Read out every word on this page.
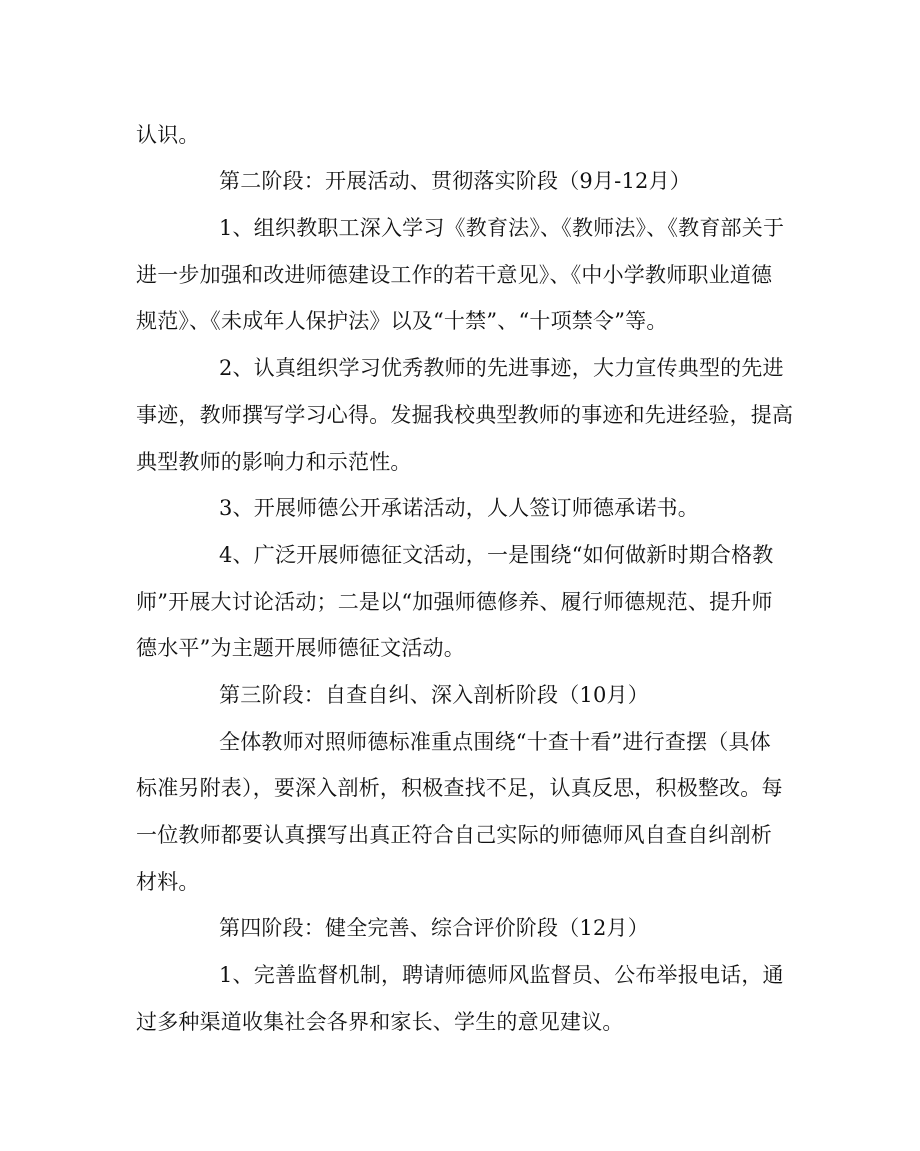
认识。
第二阶段：开展活动、贯彻落实阶段（9月-12月）
1、组织教职工深入学习《教育法》、《教师法》、《教育部关于
进一步加强和改进师德建设工作的若干意见》、《中小学教师职业道德
规范》、《未成年人保护法》以及“十禁”、“十项禁令”等。
2、认真组织学习优秀教师的先进事迹，大力宣传典型的先进
事迹，教师撰写学习心得。发掘我校典型教师的事迹和先进经验，提高
典型教师的影响力和示范性。
3、开展师德公开承诺活动，人人签订师德承诺书。
4、广泛开展师德征文活动，一是围绕“如何做新时期合格教
师”开展大讨论活动；二是以“加强师德修养、履行师德规范、提升师
德水平”为主题开展师德征文活动。
第三阶段：自查自纠、深入剖析阶段（10月）
全体教师对照师德标准重点围绕“十查十看”进行查摆（具体
标准另附表），要深入剖析，积极查找不足，认真反思，积极整改。每
一位教师都要认真撰写出真正符合自己实际的师德师风自查自纠剖析
材料。
第四阶段：健全完善、综合评价阶段（12月）
1、完善监督机制，聘请师德师风监督员、公布举报电话，通
过多种渠道收集社会各界和家长、学生的意见建议。
